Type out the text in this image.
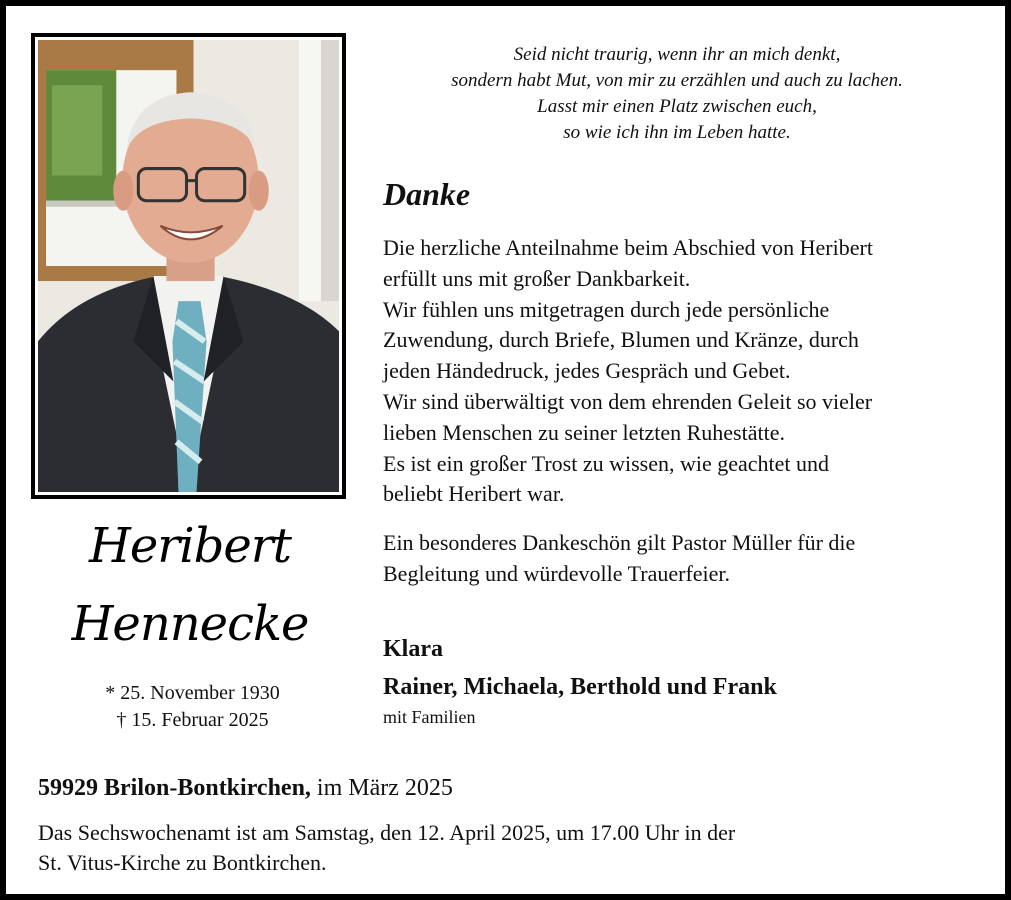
Heribert
Hennecke
* 25. November 1930
† 15. Februar 2025
Seid nicht traurig, wenn ihr an mich denkt,
sondern habt Mut, von mir zu erzählen und auch zu lachen.
Lasst mir einen Platz zwischen euch,
so wie ich ihn im Leben hatte.
Danke
Die herzliche Anteilnahme beim Abschied von Heribert
erfüllt uns mit großer Dankbarkeit.
Wir fühlen uns mitgetragen durch jede persönliche
Zuwendung, durch Briefe, Blumen und Kränze, durch
jeden Händedruck, jedes Gespräch und Gebet.
Wir sind überwältigt von dem ehrenden Geleit so vieler
lieben Menschen zu seiner letzten Ruhestätte.
Es ist ein großer Trost zu wissen, wie geachtet und
beliebt Heribert war.
Ein besonderes Dankeschön gilt Pastor Müller für die
Begleitung und würdevolle Trauerfeier.
Klara
Rainer, Michaela, Berthold und Frank
mit Familien
59929 Brilon-Bontkirchen, im März 2025
Das Sechswochenamt ist am Samstag, den 12. April 2025, um 17.00 Uhr in der
St. Vitus-Kirche zu Bontkirchen.
